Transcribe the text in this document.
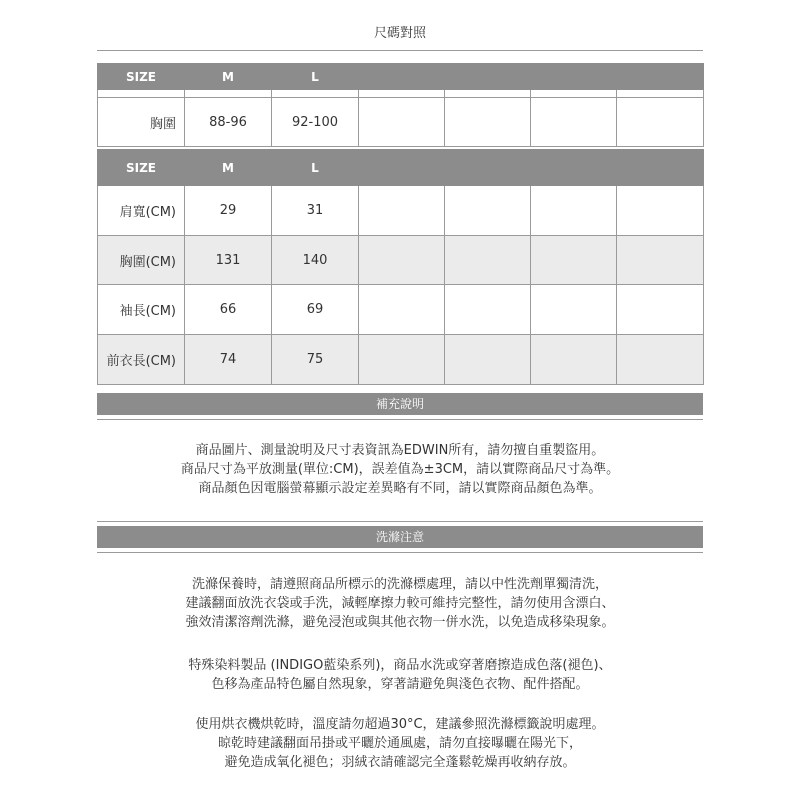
尺碼對照
SIZE	M	L				

胸圍	88-96	92-100				
SIZE	M	L				
肩寬(CM)	29	31				
胸圍(CM)	131	140				
袖長(CM)	66	69				
前衣長(CM)	74	75				
補充說明

商品圖片、測量說明及尺寸表資訊為EDWIN所有，請勿擅自重製盜用。

商品尺寸為平放測量(單位:CM)，誤差值為±3CM，請以實際商品尺寸為準。

商品顏色因電腦螢幕顯示設定差異略有不同，請以實際商品顏色為準。

洗滌注意

洗滌保養時，請遵照商品所標示的洗滌標處理，請以中性洗劑單獨清洗，

建議翻面放洗衣袋或手洗，減輕摩擦力較可維持完整性，請勿使用含漂白、

強效清潔溶劑洗滌，避免浸泡或與其他衣物一併水洗，以免造成移染現象。

特殊染料製品 (INDIGO藍染系列)，商品水洗或穿著磨擦造成色落(褪色)、

色移為產品特色屬自然現象，穿著請避免與淺色衣物、配件搭配。

使用烘衣機烘乾時，溫度請勿超過30°C，建議參照洗滌標籤說明處理。

晾乾時建議翻面吊掛或平曬於通風處，請勿直接曝曬在陽光下，

避免造成氧化褪色；羽絨衣請確認完全蓬鬆乾燥再收納存放。
